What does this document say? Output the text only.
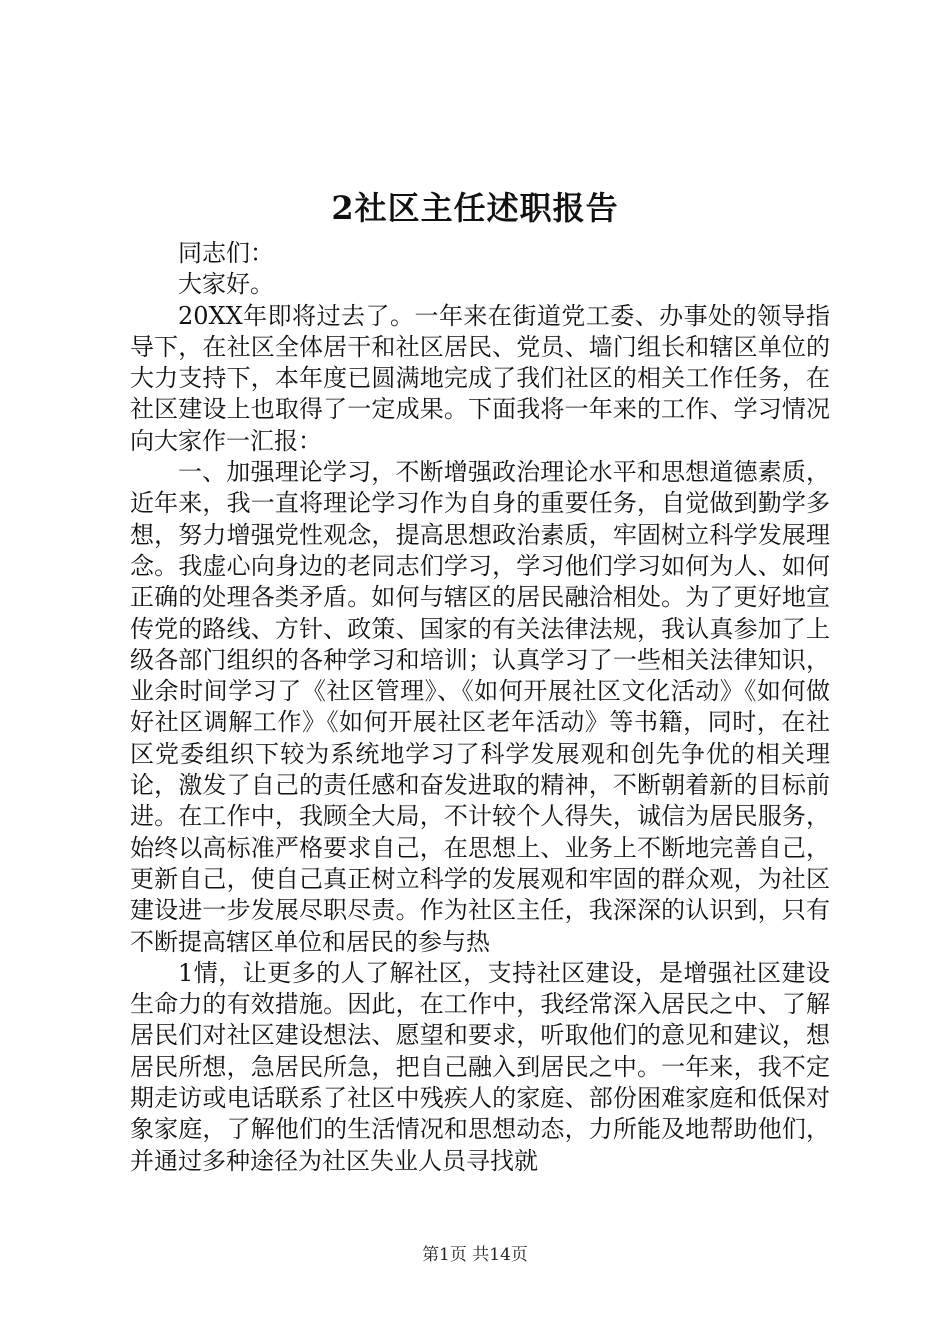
2社区主任述职报告

同志们：

大家好。

20XX年即将过去了。一年来在街道党工委、办事处的领导指导下，在社区全体居干和社区居民、党员、墙门组长和辖区单位的大力支持下，本年度已圆满地完成了我们社区的相关工作任务，在社区建设上也取得了一定成果。下面我将一年来的工作、学习情况向大家作一汇报：

一、加强理论学习，不断增强政治理论水平和思想道德素质，近年来，我一直将理论学习作为自身的重要任务，自觉做到勤学多想，努力增强党性观念，提高思想政治素质，牢固树立科学发展理念。我虚心向身边的老同志们学习，学习他们学习如何为人、如何正确的处理各类矛盾。如何与辖区的居民融洽相处。为了更好地宣传党的路线、方针、政策、国家的有关法律法规，我认真参加了上级各部门组织的各种学习和培训；认真学习了一些相关法律知识，业余时间学习了《社区管理》、《如何开展社区文化活动》《如何做好社区调解工作》《如何开展社区老年活动》等书籍，同时，在社区党委组织下较为系统地学习了科学发展观和创先争优的相关理论，激发了自己的责任感和奋发进取的精神，不断朝着新的目标前进。在工作中，我顾全大局，不计较个人得失，诚信为居民服务，始终以高标准严格要求自己，在思想上、业务上不断地完善自己，更新自己，使自己真正树立科学的发展观和牢固的群众观，为社区建设进一步发展尽职尽责。作为社区主任，我深深的认识到，只有不断提高辖区单位和居民的参与热

1情，让更多的人了解社区，支持社区建设，是增强社区建设生命力的有效措施。因此，在工作中，我经常深入居民之中、了解居民们对社区建设想法、愿望和要求，听取他们的意见和建议，想居民所想，急居民所急，把自己融入到居民之中。一年来，我不定期走访或电话联系了社区中残疾人的家庭、部份困难家庭和低保对象家庭，了解他们的生活情况和思想动态，力所能及地帮助他们，并通过多种途径为社区失业人员寻找就

第1页 共14页
